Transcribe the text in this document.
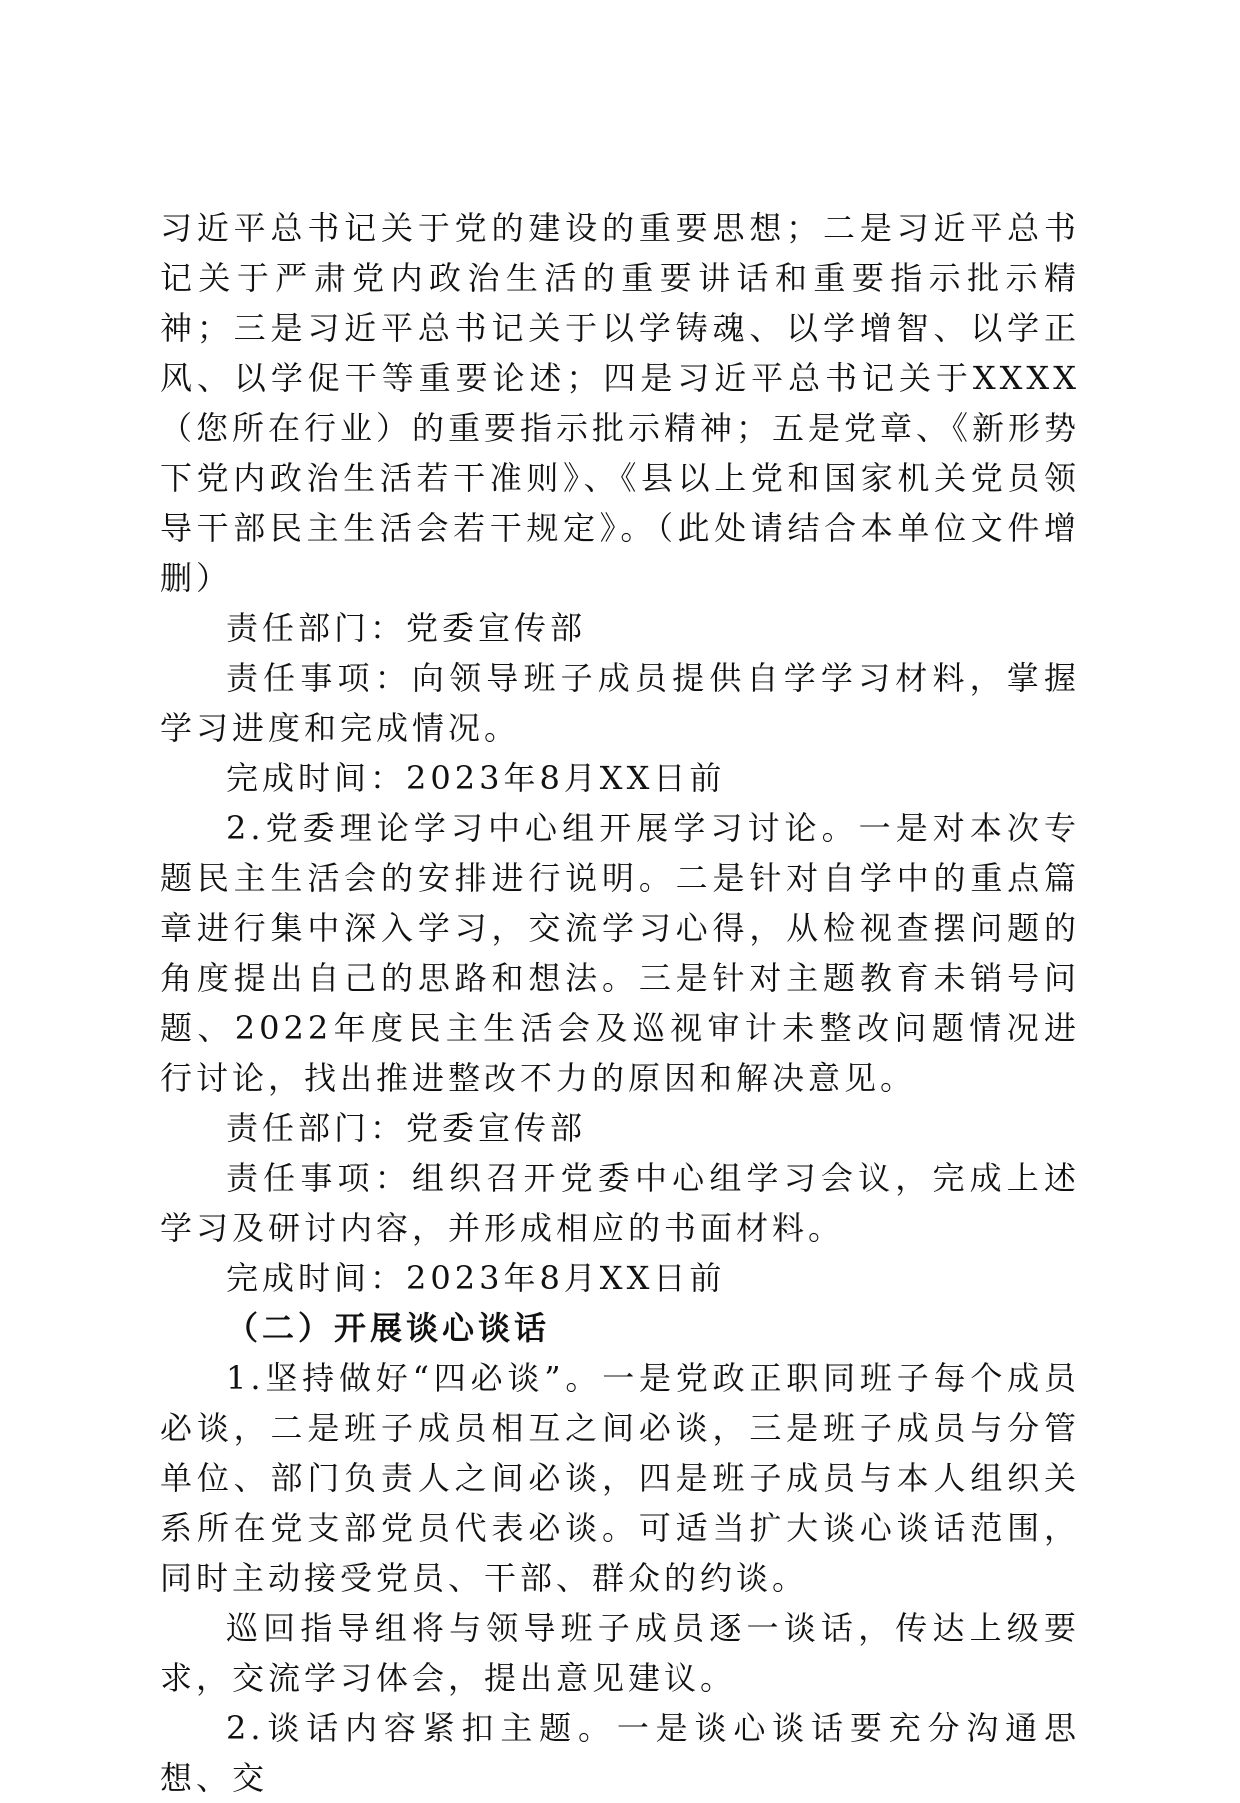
习近平总书记关于党的建设的重要思想；二是习近平总书记关于严肃党内政治生活的重要讲话和重要指示批示精神；三是习近平总书记关于以学铸魂、以学增智、以学正风、以学促干等重要论述；四是习近平总书记关于XXXX（您所在行业）的重要指示批示精神；五是党章、《新形势下党内政治生活若干准则》、《县以上党和国家机关党员领导干部民主生活会若干规定》。（此处请结合本单位文件增删）

责任部门：党委宣传部

责任事项：向领导班子成员提供自学学习材料，掌握学习进度和完成情况。

完成时间：2023年8月XX日前

2.党委理论学习中心组开展学习讨论。一是对本次专题民主生活会的安排进行说明。二是针对自学中的重点篇章进行集中深入学习，交流学习心得，从检视查摆问题的角度提出自己的思路和想法。三是针对主题教育未销号问题、2022年度民主生活会及巡视审计未整改问题情况进行讨论，找出推进整改不力的原因和解决意见。

责任部门：党委宣传部

责任事项：组织召开党委中心组学习会议，完成上述学习及研讨内容，并形成相应的书面材料。

完成时间：2023年8月XX日前

（二）开展谈心谈话

1.坚持做好“四必谈”。一是党政正职同班子每个成员必谈，二是班子成员相互之间必谈，三是班子成员与分管单位、部门负责人之间必谈，四是班子成员与本人组织关系所在党支部党员代表必谈。可适当扩大谈心谈话范围，同时主动接受党员、干部、群众的约谈。

巡回指导组将与领导班子成员逐一谈话，传达上级要求，交流学习体会，提出意见建议。

2.谈话内容紧扣主题。一是谈心谈话要充分沟通思想、交
